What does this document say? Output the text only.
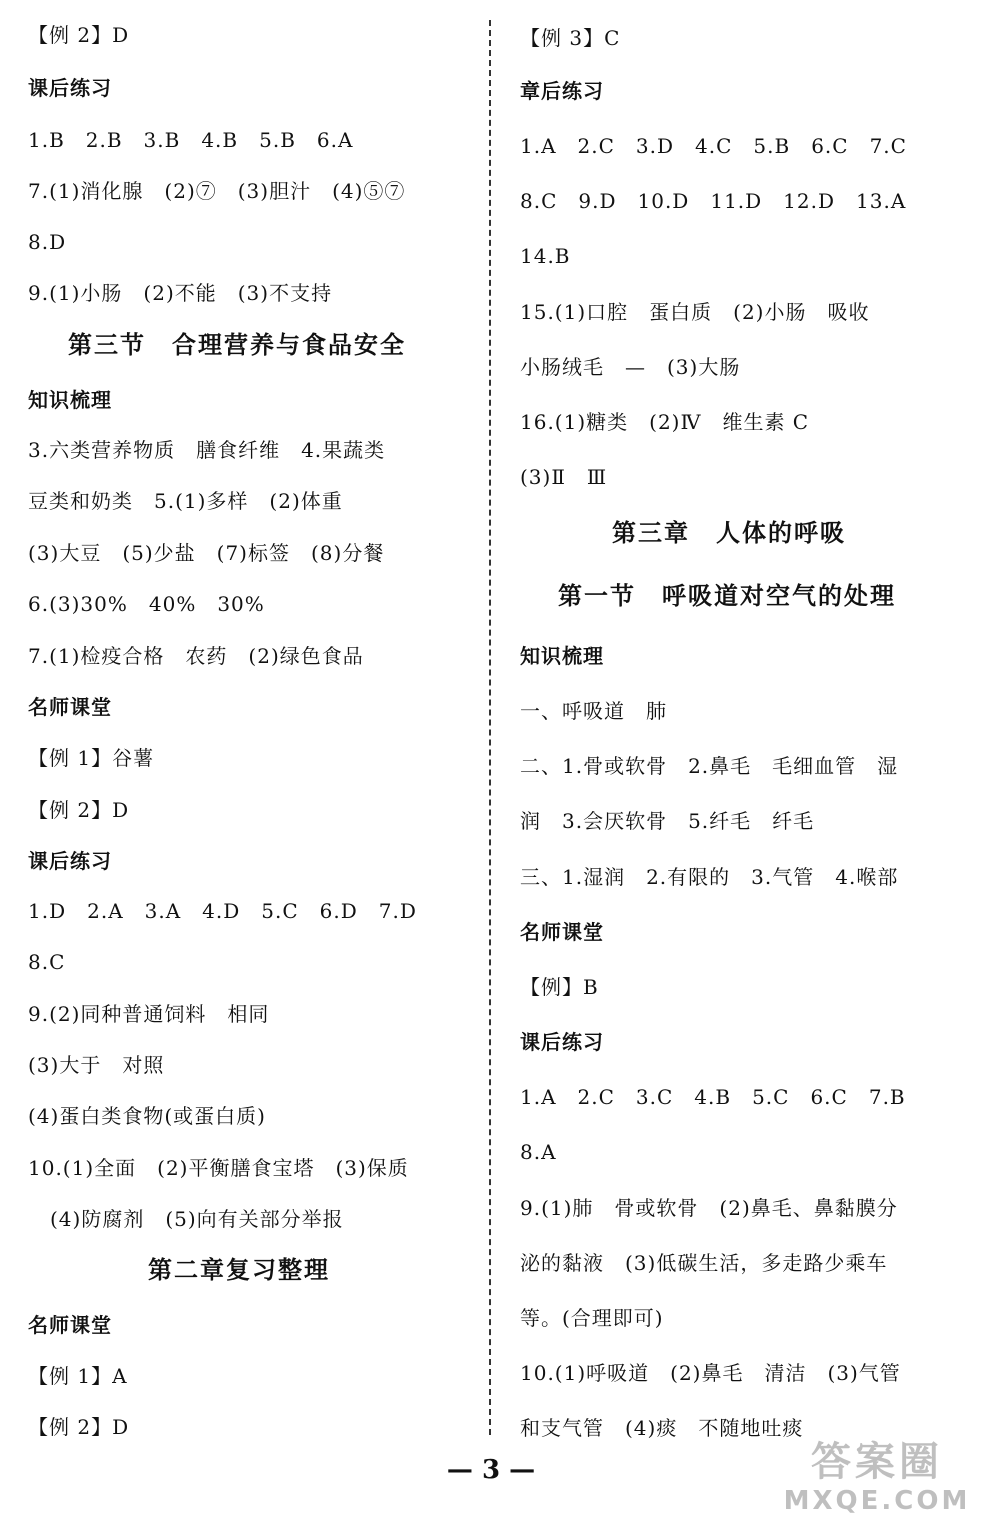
【例 2】D
课后练习
1.B　2.B　3.B　4.B　5.B　6.A
7.(1)消化腺　(2)⑦　(3)胆汁　(4)⑤⑦
8.D
9.(1)小肠　(2)不能　(3)不支持
第三节　合理营养与食品安全
知识梳理
3.六类营养物质　膳食纤维　4.果蔬类
豆类和奶类　5.(1)多样　(2)体重
(3)大豆　(5)少盐　(7)标签　(8)分餐
6.(3)30%　40%　30%
7.(1)检疫合格　农药　(2)绿色食品
名师课堂
【例 1】谷薯
【例 2】D
课后练习
1.D　2.A　3.A　4.D　5.C　6.D　7.D
8.C
9.(2)同种普通饲料　相同
(3)大于　对照
(4)蛋白类食物(或蛋白质)
10.(1)全面　(2)平衡膳食宝塔　(3)保质
(4)防腐剂　(5)向有关部分举报
第二章复习整理
名师课堂
【例 1】A
【例 2】D
【例 3】C
章后练习
1.A　2.C　3.D　4.C　5.B　6.C　7.C
8.C　9.D　10.D　11.D　12.D　13.A
14.B
15.(1)口腔　蛋白质　(2)小肠　吸收
小肠绒毛　—　(3)大肠
16.(1)糖类　(2)Ⅳ　维生素 C
(3)Ⅱ　Ⅲ
第三章　人体的呼吸
第一节　呼吸道对空气的处理
知识梳理
一、呼吸道　肺
二、1.骨或软骨　2.鼻毛　毛细血管　湿
润　3.会厌软骨　5.纤毛　纤毛
三、1.湿润　2.有限的　3.气管　4.喉部
名师课堂
【例】B
课后练习
1.A　2.C　3.C　4.B　5.C　6.C　7.B
8.A
9.(1)肺　骨或软骨　(2)鼻毛、鼻黏膜分
泌的黏液　(3)低碳生活，多走路少乘车
等。(合理即可)
10.(1)呼吸道　(2)鼻毛　清洁　(3)气管
和支气管　(4)痰　不随地吐痰
— 3 —	答案圈
MXQE.COM
